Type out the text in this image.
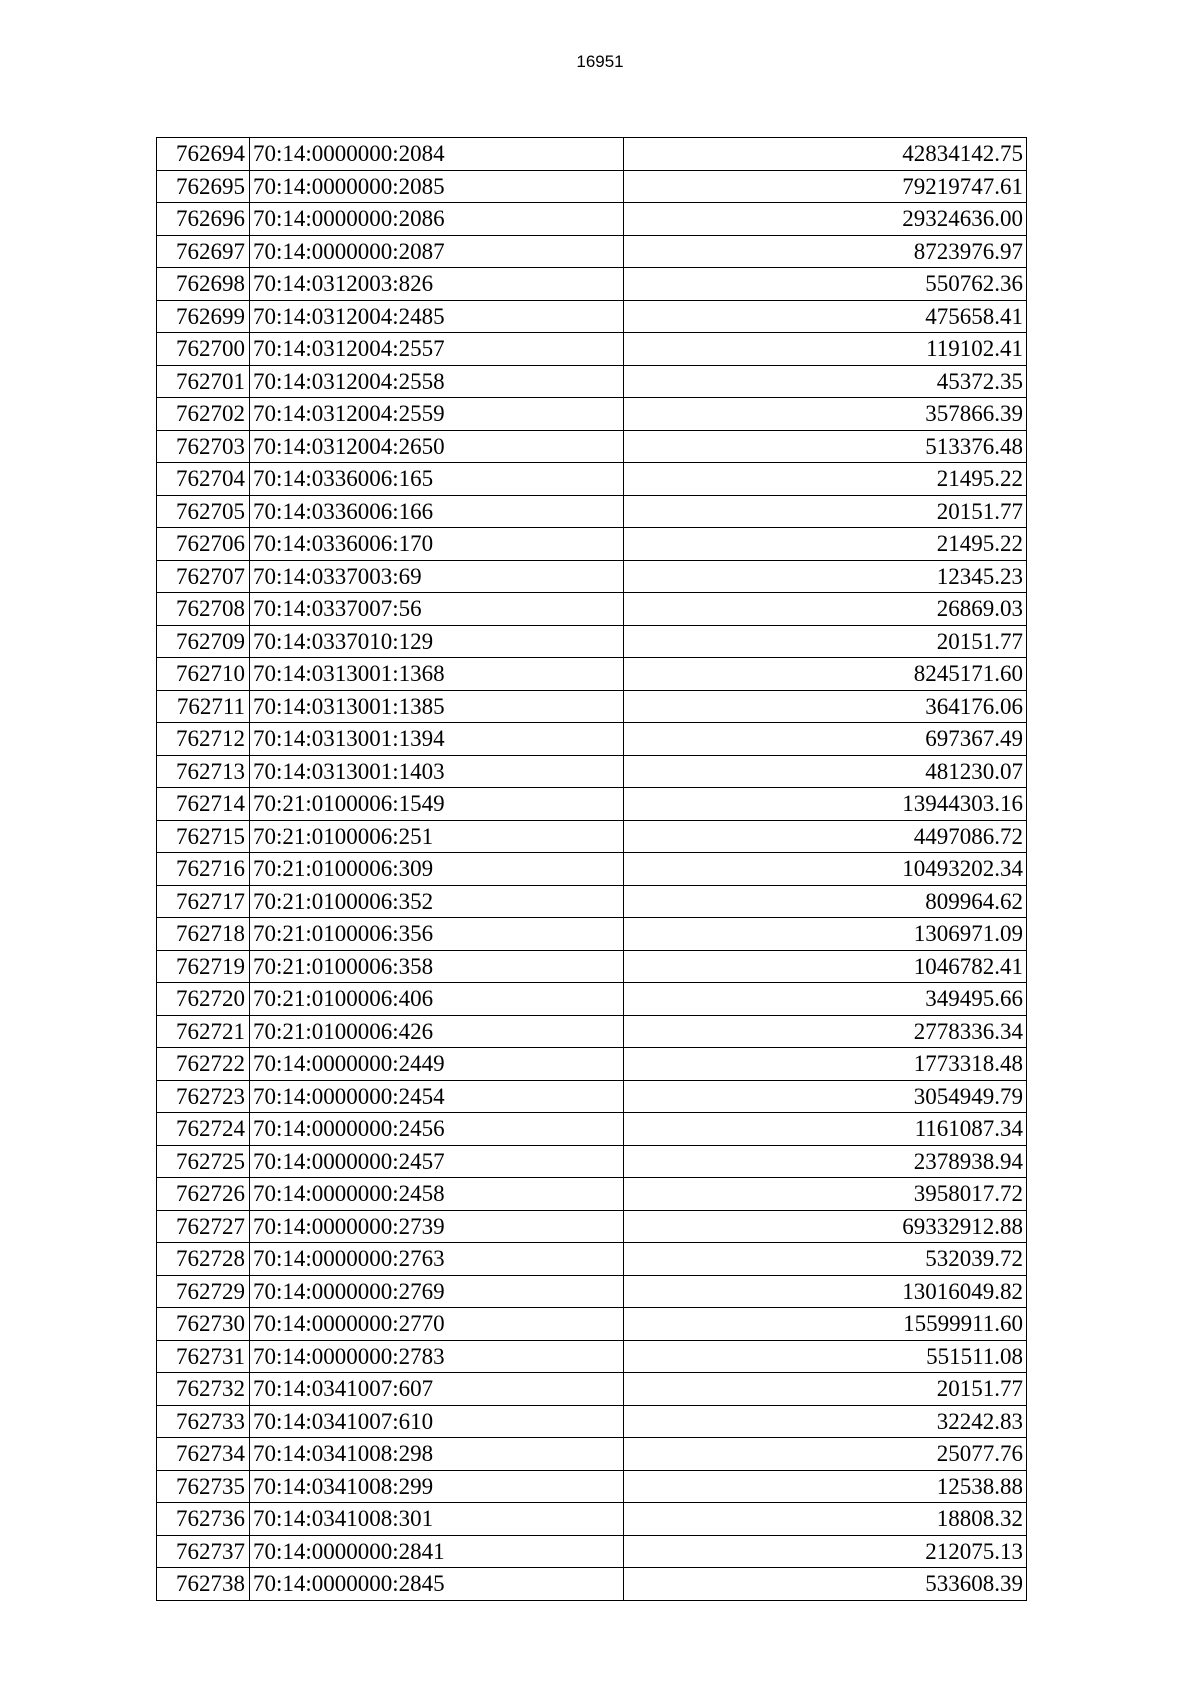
16951
762694	70:14:0000000:2084	42834142.75
762695	70:14:0000000:2085	79219747.61
762696	70:14:0000000:2086	29324636.00
762697	70:14:0000000:2087	8723976.97
762698	70:14:0312003:826	550762.36
762699	70:14:0312004:2485	475658.41
762700	70:14:0312004:2557	119102.41
762701	70:14:0312004:2558	45372.35
762702	70:14:0312004:2559	357866.39
762703	70:14:0312004:2650	513376.48
762704	70:14:0336006:165	21495.22
762705	70:14:0336006:166	20151.77
762706	70:14:0336006:170	21495.22
762707	70:14:0337003:69	12345.23
762708	70:14:0337007:56	26869.03
762709	70:14:0337010:129	20151.77
762710	70:14:0313001:1368	8245171.60
762711	70:14:0313001:1385	364176.06
762712	70:14:0313001:1394	697367.49
762713	70:14:0313001:1403	481230.07
762714	70:21:0100006:1549	13944303.16
762715	70:21:0100006:251	4497086.72
762716	70:21:0100006:309	10493202.34
762717	70:21:0100006:352	809964.62
762718	70:21:0100006:356	1306971.09
762719	70:21:0100006:358	1046782.41
762720	70:21:0100006:406	349495.66
762721	70:21:0100006:426	2778336.34
762722	70:14:0000000:2449	1773318.48
762723	70:14:0000000:2454	3054949.79
762724	70:14:0000000:2456	1161087.34
762725	70:14:0000000:2457	2378938.94
762726	70:14:0000000:2458	3958017.72
762727	70:14:0000000:2739	69332912.88
762728	70:14:0000000:2763	532039.72
762729	70:14:0000000:2769	13016049.82
762730	70:14:0000000:2770	15599911.60
762731	70:14:0000000:2783	551511.08
762732	70:14:0341007:607	20151.77
762733	70:14:0341007:610	32242.83
762734	70:14:0341008:298	25077.76
762735	70:14:0341008:299	12538.88
762736	70:14:0341008:301	18808.32
762737	70:14:0000000:2841	212075.13
762738	70:14:0000000:2845	533608.39
